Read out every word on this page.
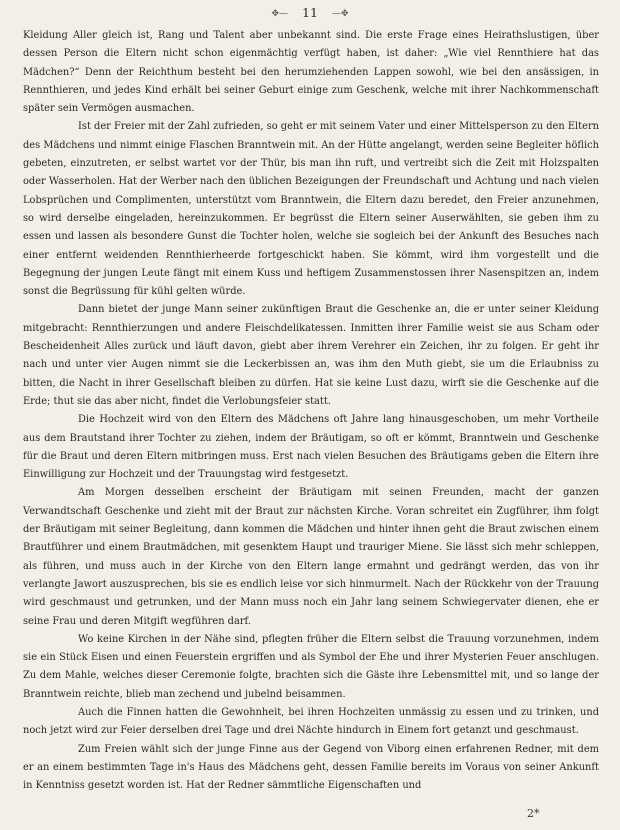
✥— 11 —✥

Kleidung Aller gleich ist, Rang und Talent aber unbekannt sind. Die erste Frage eines Heirathslustigen, über dessen Person die Eltern nicht schon eigenmächtig verfügt haben, ist daher: „Wie viel Rennthiere hat das Mädchen?“ Denn der Reichthum besteht bei den herumziehenden Lappen sowohl, wie bei den ansässigen, in Rennthieren, und jedes Kind erhält bei seiner Geburt einige zum Geschenk, welche mit ihrer Nachkommenschaft später sein Vermögen ausmachen.

Ist der Freier mit der Zahl zufrieden, so geht er mit seinem Vater und einer Mittelsperson zu den Eltern des Mädchens und nimmt einige Flaschen Branntwein mit. An der Hütte angelangt, werden seine Begleiter höflich gebeten, einzutreten, er selbst wartet vor der Thür, bis man ihn ruft, und vertreibt sich die Zeit mit Holzspalten oder Wasserholen. Hat der Werber nach den üblichen Bezeigungen der Freundschaft und Achtung und nach vielen Lobsprüchen und Complimenten, unterstützt vom Branntwein, die Eltern dazu beredet, den Freier anzunehmen, so wird derselbe eingeladen, hereinzukommen. Er begrüsst die Eltern seiner Auserwählten, sie geben ihm zu essen und lassen als besondere Gunst die Tochter holen, welche sie sogleich bei der Ankunft des Besuches nach einer entfernt weidenden Rennthierheerde fortgeschickt haben. Sie kömmt, wird ihm vorgestellt und die Begegnung der jungen Leute fängt mit einem Kuss und heftigem Zusammenstossen ihrer Nasenspitzen an, indem sonst die Begrüssung für kühl gelten würde.

Dann bietet der junge Mann seiner zukünftigen Braut die Geschenke an, die er unter seiner Kleidung mitgebracht: Rennthierzungen und andere Fleischdelikatessen. Inmitten ihrer Familie weist sie aus Scham oder Bescheidenheit Alles zurück und läuft davon, giebt aber ihrem Verehrer ein Zeichen, ihr zu folgen. Er geht ihr nach und unter vier Augen nimmt sie die Leckerbissen an, was ihm den Muth giebt, sie um die Erlaubniss zu bitten, die Nacht in ihrer Gesellschaft bleiben zu dürfen. Hat sie keine Lust dazu, wirft sie die Geschenke auf die Erde; thut sie das aber nicht, findet die Verlobungsfeier statt.

Die Hochzeit wird von den Eltern des Mädchens oft Jahre lang hinausgeschoben, um mehr Vortheile aus dem Brautstand ihrer Tochter zu ziehen, indem der Bräutigam, so oft er kömmt, Branntwein und Geschenke für die Braut und deren Eltern mitbringen muss. Erst nach vielen Besuchen des Bräutigams geben die Eltern ihre Einwilligung zur Hochzeit und der Trauungstag wird festgesetzt.

Am Morgen desselben erscheint der Bräutigam mit seinen Freunden, macht der ganzen Verwandtschaft Geschenke und zieht mit der Braut zur nächsten Kirche. Voran schreitet ein Zugführer, ihm folgt der Bräutigam mit seiner Begleitung, dann kommen die Mädchen und hinter ihnen geht die Braut zwischen einem Brautführer und einem Brautmädchen, mit gesenktem Haupt und trauriger Miene. Sie lässt sich mehr schleppen, als führen, und muss auch in der Kirche von den Eltern lange ermahnt und gedrängt werden, das von ihr verlangte Jawort auszusprechen, bis sie es endlich leise vor sich hinmurmelt. Nach der Rückkehr von der Trauung wird geschmaust und getrunken, und der Mann muss noch ein Jahr lang seinem Schwiegervater dienen, ehe er seine Frau und deren Mitgift wegführen darf.

Wo keine Kirchen in der Nähe sind, pflegten früher die Eltern selbst die Trauung vorzunehmen, indem sie ein Stück Eisen und einen Feuerstein ergriffen und als Symbol der Ehe und ihrer Mysterien Feuer anschlugen. Zu dem Mahle, welches dieser Ceremonie folgte, brachten sich die Gäste ihre Lebensmittel mit, und so lange der Branntwein reichte, blieb man zechend und jubelnd beisammen.

Auch die Finnen hatten die Gewohnheit, bei ihren Hochzeiten unmässig zu essen und zu trinken, und noch jetzt wird zur Feier derselben drei Tage und drei Nächte hindurch in Einem fort getanzt und geschmaust.

Zum Freien wählt sich der junge Finne aus der Gegend von Viborg einen erfahrenen Redner, mit dem er an einem bestimmten Tage in's Haus des Mädchens geht, dessen Familie bereits im Voraus von seiner Ankunft in Kenntniss gesetzt worden ist. Hat der Redner sämmtliche Eigenschaften und

2*
